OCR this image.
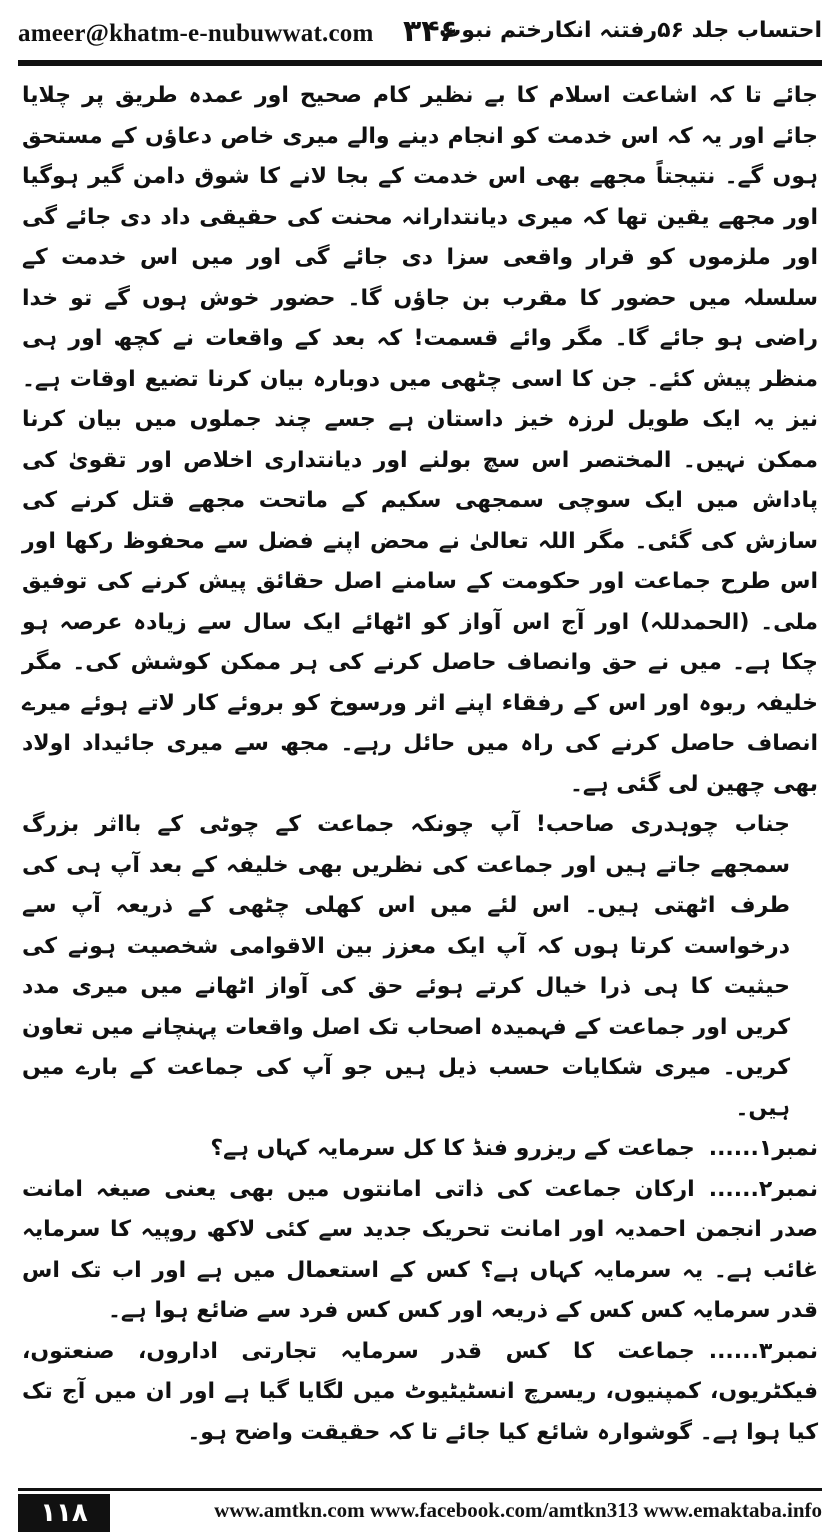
ameer@khatm-e-nubuwwat.com ۳۴۶
احتساب جلد ۵۶رفتنہ انکارختم نبوت

جائے تا کہ اشاعت اسلام کا بے نظیر کام صحیح اور عمدہ طریق پر چلایا جائے اور یہ کہ اس خدمت کو انجام دینے والے میری خاص دعاؤں کے مستحق ہوں گے۔ نتیجتاً مجھے بھی اس خدمت کے بجا لانے کا شوق دامن گیر ہوگیا اور مجھے یقین تھا کہ میری دیانتدارانہ محنت کی حقیقی داد دی جائے گی اور ملزموں کو قرار واقعی سزا دی جائے گی اور میں اس خدمت کے سلسلہ میں حضور کا مقرب بن جاؤں گا۔ حضور خوش ہوں گے تو خدا راضی ہو جائے گا۔ مگر وائے قسمت! کہ بعد کے واقعات نے کچھ اور ہی منظر پیش کئے۔ جن کا اسی چٹھی میں دوبارہ بیان کرنا تضیع اوقات ہے۔ نیز یہ ایک طویل لرزہ خیز داستان ہے جسے چند جملوں میں بیان کرنا ممکن نہیں۔ المختصر اس سچ بولنے اور دیانتداری اخلاص اور تقویٰ کی پاداش میں ایک سوچی سمجھی سکیم کے ماتحت مجھے قتل کرنے کی سازش کی گئی۔ مگر اللہ تعالیٰ نے محض اپنے فضل سے محفوظ رکھا اور اس طرح جماعت اور حکومت کے سامنے اصل حقائق پیش کرنے کی توفیق ملی۔ (الحمدللہ) اور آج اس آواز کو اٹھائے ایک سال سے زیادہ عرصہ ہو چکا ہے۔ میں نے حق وانصاف حاصل کرنے کی ہر ممکن کوشش کی۔ مگر خلیفہ ربوہ اور اس کے رفقاء اپنے اثر ورسوخ کو بروئے کار لاتے ہوئے میرے انصاف حاصل کرنے کی راہ میں حائل رہے۔ مجھ سے میری جائیداد اولاد بھی چھین لی گئی ہے۔

جناب چوہدری صاحب! آپ چونکہ جماعت کے چوٹی کے بااثر بزرگ سمجھے جاتے ہیں اور جماعت کی نظریں بھی خلیفہ کے بعد آپ ہی کی طرف اٹھتی ہیں۔ اس لئے میں اس کھلی چٹھی کے ذریعہ آپ سے درخواست کرتا ہوں کہ آپ ایک معزز بین الاقوامی شخصیت ہونے کی حیثیت کا ہی ذرا خیال کرتے ہوئے حق کی آواز اٹھانے میں میری مدد کریں اور جماعت کے فہمیدہ اصحاب تک اصل واقعات پہنچانے میں تعاون کریں۔ میری شکایات حسب ذیل ہیں جو آپ کی جماعت کے بارے میں ہیں۔

نمبر۱......جماعت کے ریزرو فنڈ کا کل سرمایہ کہاں ہے؟

نمبر۲......ارکان جماعت کی ذاتی امانتوں میں بھی یعنی صیغہ امانت صدر انجمن احمدیہ اور امانت تحریک جدید سے کئی لاکھ روپیہ کا سرمایہ غائب ہے۔ یہ سرمایہ کہاں ہے؟ کس کے استعمال میں ہے اور اب تک اس قدر سرمایہ کس کس کے ذریعہ اور کس کس فرد سے ضائع ہوا ہے۔

نمبر۳......جماعت کا کس قدر سرمایہ تجارتی اداروں، صنعتوں، فیکٹریوں، کمپنیوں، ریسرچ انسٹیٹیوٹ میں لگایا گیا ہے اور ان میں آج تک کیا ہوا ہے۔ گوشوارہ شائع کیا جائے تا کہ حقیقت واضح ہو۔

۱۱۸	www.amtkn.com www.facebook.com/amtkn313 www.emaktaba.info
